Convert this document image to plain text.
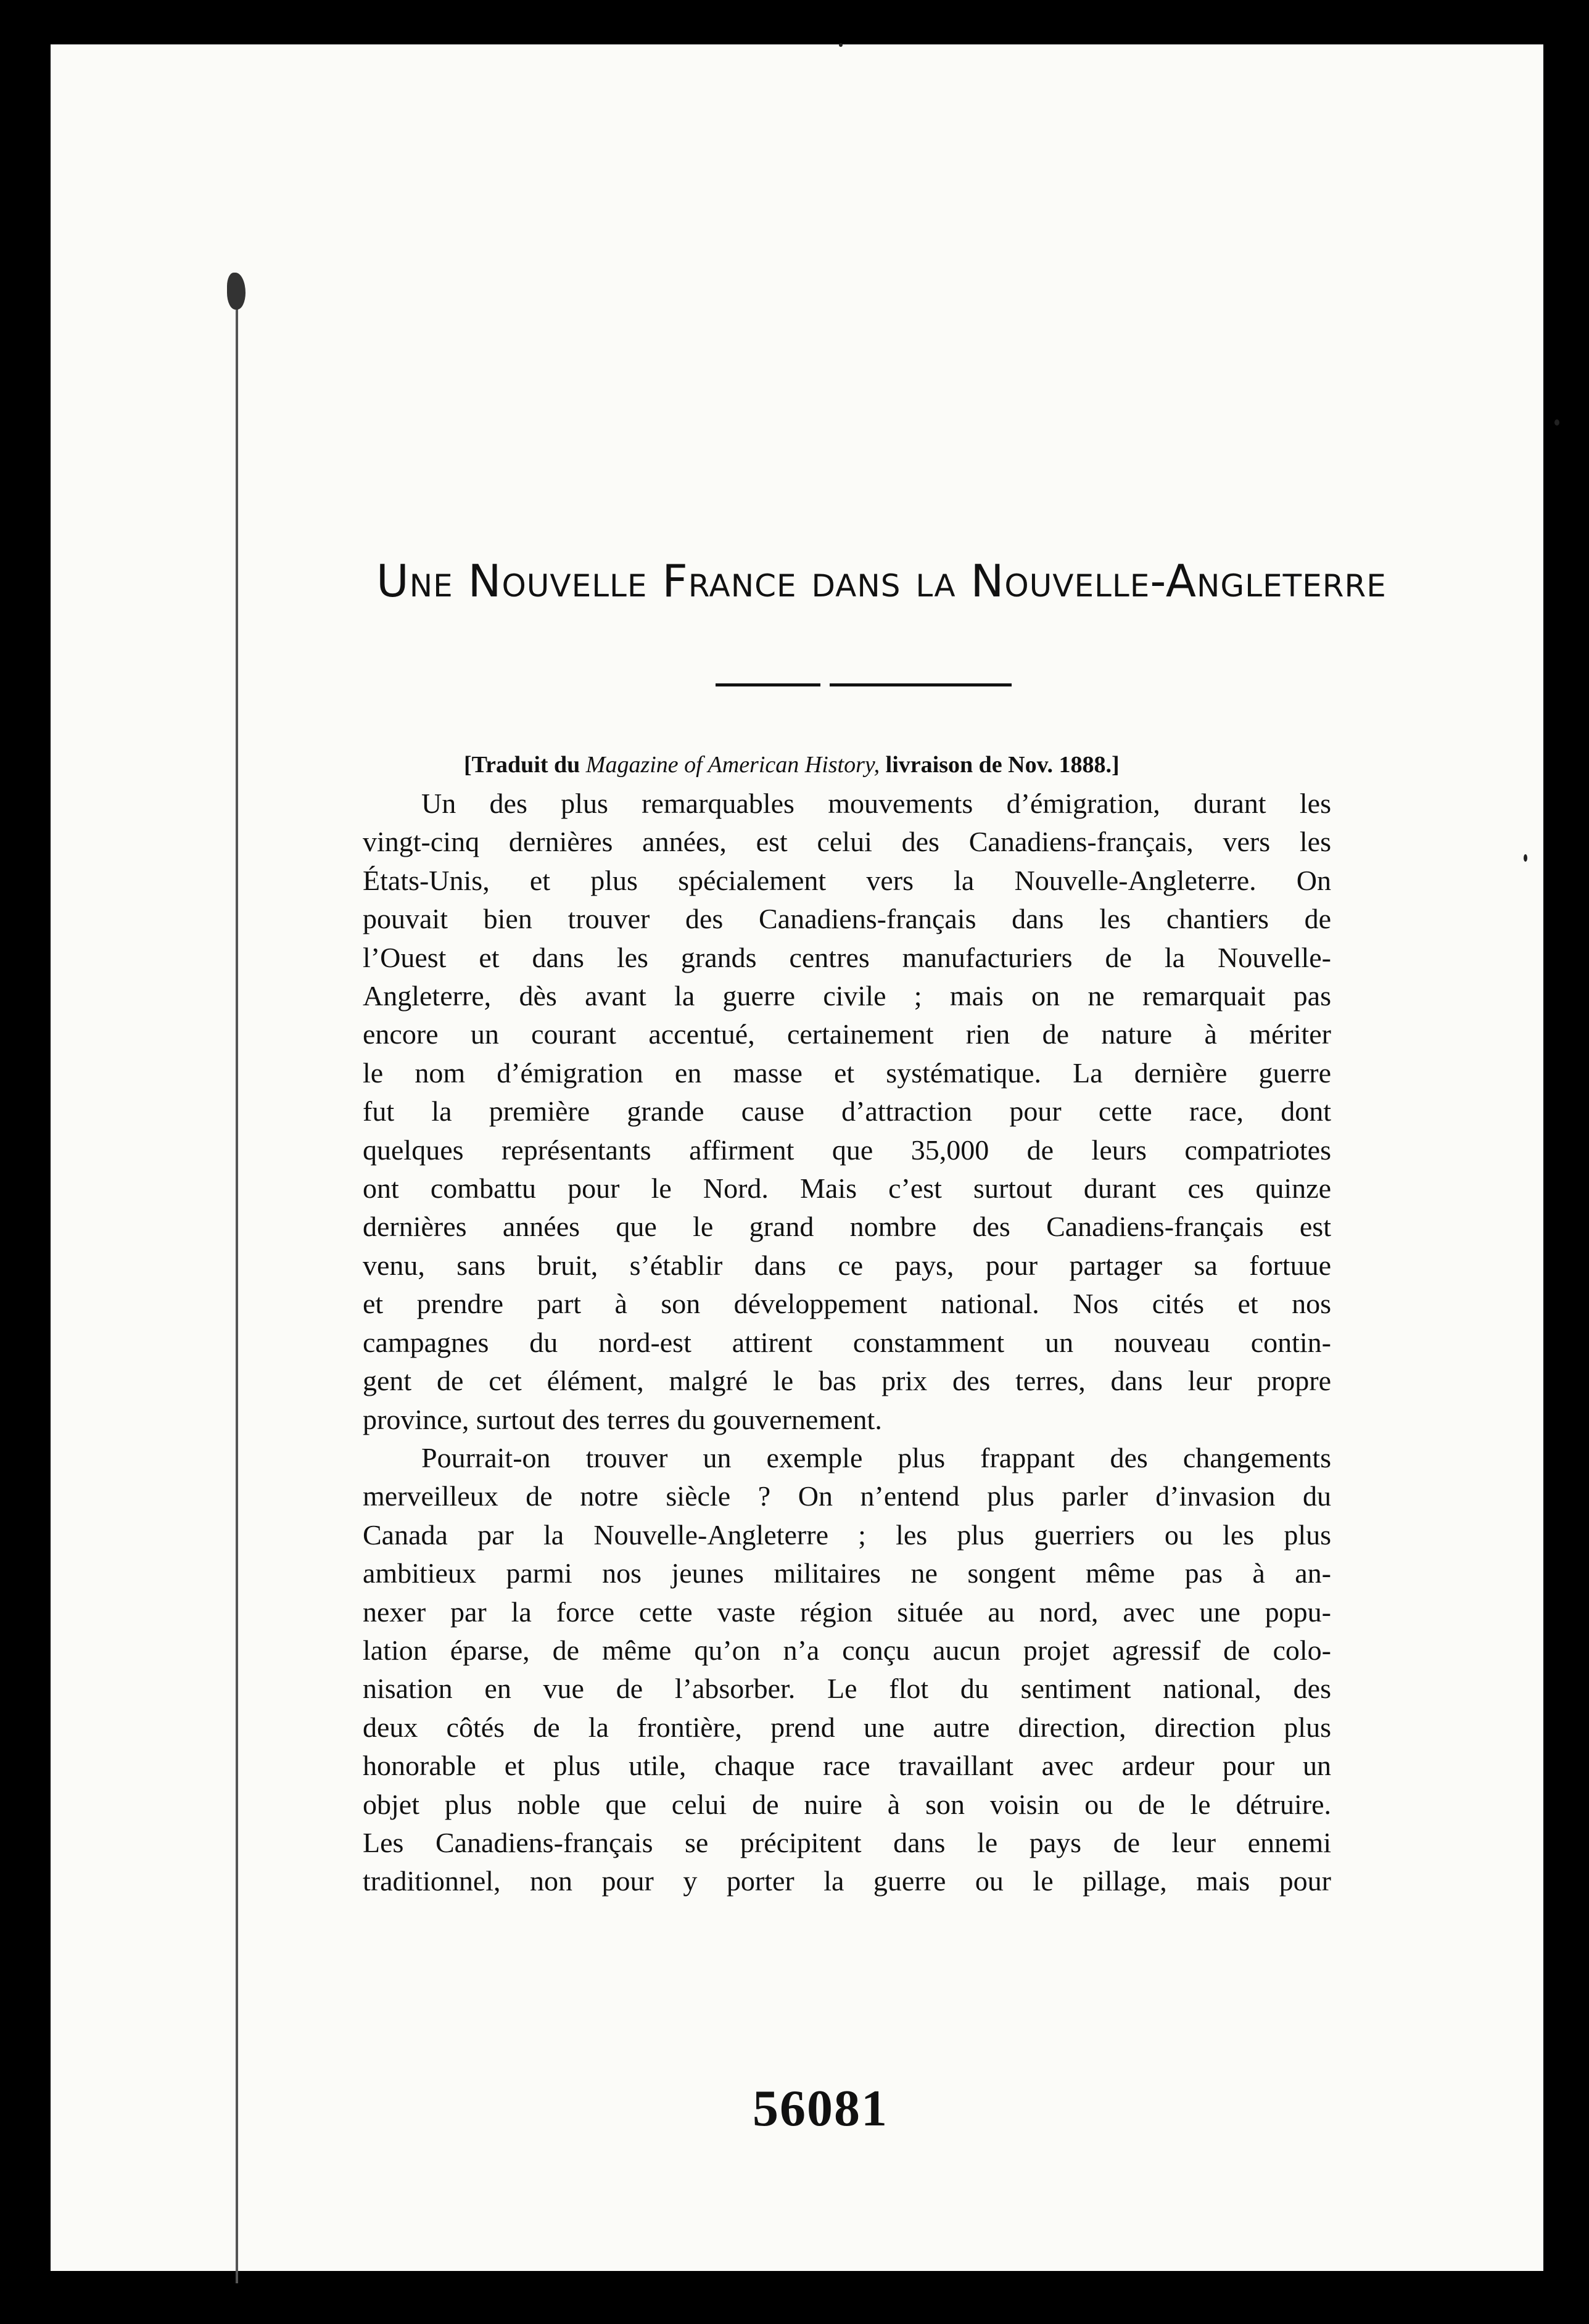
Une Nouvelle France dans la Nouvelle-Angleterre

[Traduit du Magazine of American History, livraison de Nov. 1888.]

Un des plus remarquables mouvements d’émigration, durant les
vingt-cinq dernières années, est celui des Canadiens-français, vers les
États-Unis, et plus spécialement vers la Nouvelle-Angleterre. On
pouvait bien trouver des Canadiens-français dans les chantiers de
l’Ouest et dans les grands centres manufacturiers de la Nouvelle-
Angleterre, dès avant la guerre civile ; mais on ne remarquait pas
encore un courant accentué, certainement rien de nature à mériter
le nom d’émigration en masse et systématique. La dernière guerre
fut la première grande cause d’attraction pour cette race, dont
quelques représentants affirment que 35,000 de leurs compatriotes
ont combattu pour le Nord. Mais c’est surtout durant ces quinze
dernières années que le grand nombre des Canadiens-français est
venu, sans bruit, s’établir dans ce pays, pour partager sa fortuue
et prendre part à son développement national. Nos cités et nos
campagnes du nord-est attirent constamment un nouveau contin-
gent de cet élément, malgré le bas prix des terres, dans leur propre
province, surtout des terres du gouvernement.

Pourrait-on trouver un exemple plus frappant des changements
merveilleux de notre siècle ? On n’entend plus parler d’invasion du
Canada par la Nouvelle-Angleterre ; les plus guerriers ou les plus
ambitieux parmi nos jeunes militaires ne songent même pas à an-
nexer par la force cette vaste région située au nord, avec une popu-
lation éparse, de même qu’on n’a conçu aucun projet agressif de colo-
nisation en vue de l’absorber. Le flot du sentiment national, des
deux côtés de la frontière, prend une autre direction, direction plus
honorable et plus utile, chaque race travaillant avec ardeur pour un
objet plus noble que celui de nuire à son voisin ou de le détruire.
Les Canadiens-français se précipitent dans le pays de leur ennemi
traditionnel, non pour y porter la guerre ou le pillage, mais pour

56081
